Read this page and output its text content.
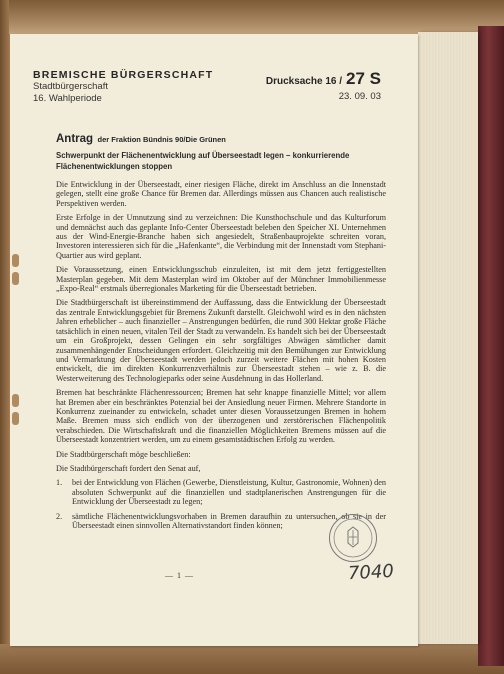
BREMISCHE BÜRGERSCHAFT
Stadtbürgerschaft
16. Wahlperiode
Drucksache 16 / 27 S
23. 09. 03
Antrag der Fraktion Bündnis 90/Die Grünen
Schwerpunkt der Flächenentwicklung auf Überseestadt legen – konkurrierende Flächenentwicklungen stoppen

Die Entwicklung in der Überseestadt, einer riesigen Fläche, direkt im Anschluss an die Innenstadt gelegen, stellt eine große Chance für Bremen dar. Allerdings müssen aus Chancen auch realistische Perspektiven werden.

Erste Erfolge in der Umnutzung sind zu verzeichnen: Die Kunsthochschule und das Kulturforum und demnächst auch das geplante Info-Center Überseestadt beleben den Speicher XI. Unternehmen aus der Wind-Energie-Branche haben sich angesiedelt, Straßenbauprojekte schreiten voran, Investoren interessieren sich für die „Hafenkante“, die Verbindung mit der Innenstadt vom Stephani-Quartier aus wird geplant.

Die Voraussetzung, einen Entwicklungsschub einzuleiten, ist mit dem jetzt fertiggestellten Masterplan gegeben. Mit dem Masterplan wird im Oktober auf der Münchner Immobilienmesse „Expo-Real“ erstmals überregionales Marketing für die Überseestadt betrieben.

Die Stadtbürgerschaft ist übereinstimmend der Auffassung, dass die Entwicklung der Überseestadt das zentrale Entwicklungsgebiet für Bremens Zukunft darstellt. Gleichwohl wird es in den nächsten Jahren erheblicher – auch finanzieller – Anstrengungen bedürfen, die rund 300 Hektar große Fläche tatsächlich in einen neuen, vitalen Teil der Stadt zu verwandeln. Es handelt sich bei der Überseestadt um ein Großprojekt, dessen Gelingen ein sehr sorgfältiges Abwägen sämtlicher damit zusammenhängender Entscheidungen erfordert. Gleichzeitig mit den Bemühungen zur Entwicklung und Vermarktung der Überseestadt werden jedoch zurzeit weitere Flächen mit hohen Kosten entwickelt, die im direkten Konkurrenzverhältnis zur Überseestadt stehen – wie z. B. die Westerweiterung des Technologieparks oder seine Ausdehnung in das Hollerland.

Bremen hat beschränkte Flächenressourcen; Bremen hat sehr knappe finanzielle Mittel; vor allem hat Bremen aber ein beschränktes Potenzial bei der Ansiedlung neuer Firmen. Mehrere Standorte in Konkurrenz zueinander zu entwickeln, schadet unter diesen Voraussetzungen Bremen in hohem Maße. Bremen muss sich endlich von der überzogenen und zerstörerischen Flächenpolitik verabschieden. Die Wirtschaftskraft und die finanziellen Möglichkeiten Bremens müssen auf die Überseestadt konzentriert werden, um zu einem gesamtstädtischen Erfolg zu werden.

Die Stadtbürgerschaft möge beschließen:

Die Stadtbürgerschaft fordert den Senat auf,

1.	bei der Entwicklung von Flächen (Gewerbe, Dienstleistung, Kultur, Gastronomie, Wohnen) den absoluten Schwerpunkt auf die finanziellen und stadtplanerischen Anstrengungen für die Entwicklung der Überseestadt zu legen;
2.	sämtliche Flächenentwicklungsvorhaben in Bremen daraufhin zu untersuchen, ob sie in der Überseestadt einen sinnvollen Alternativstandort finden können;
— 1 —	7040
